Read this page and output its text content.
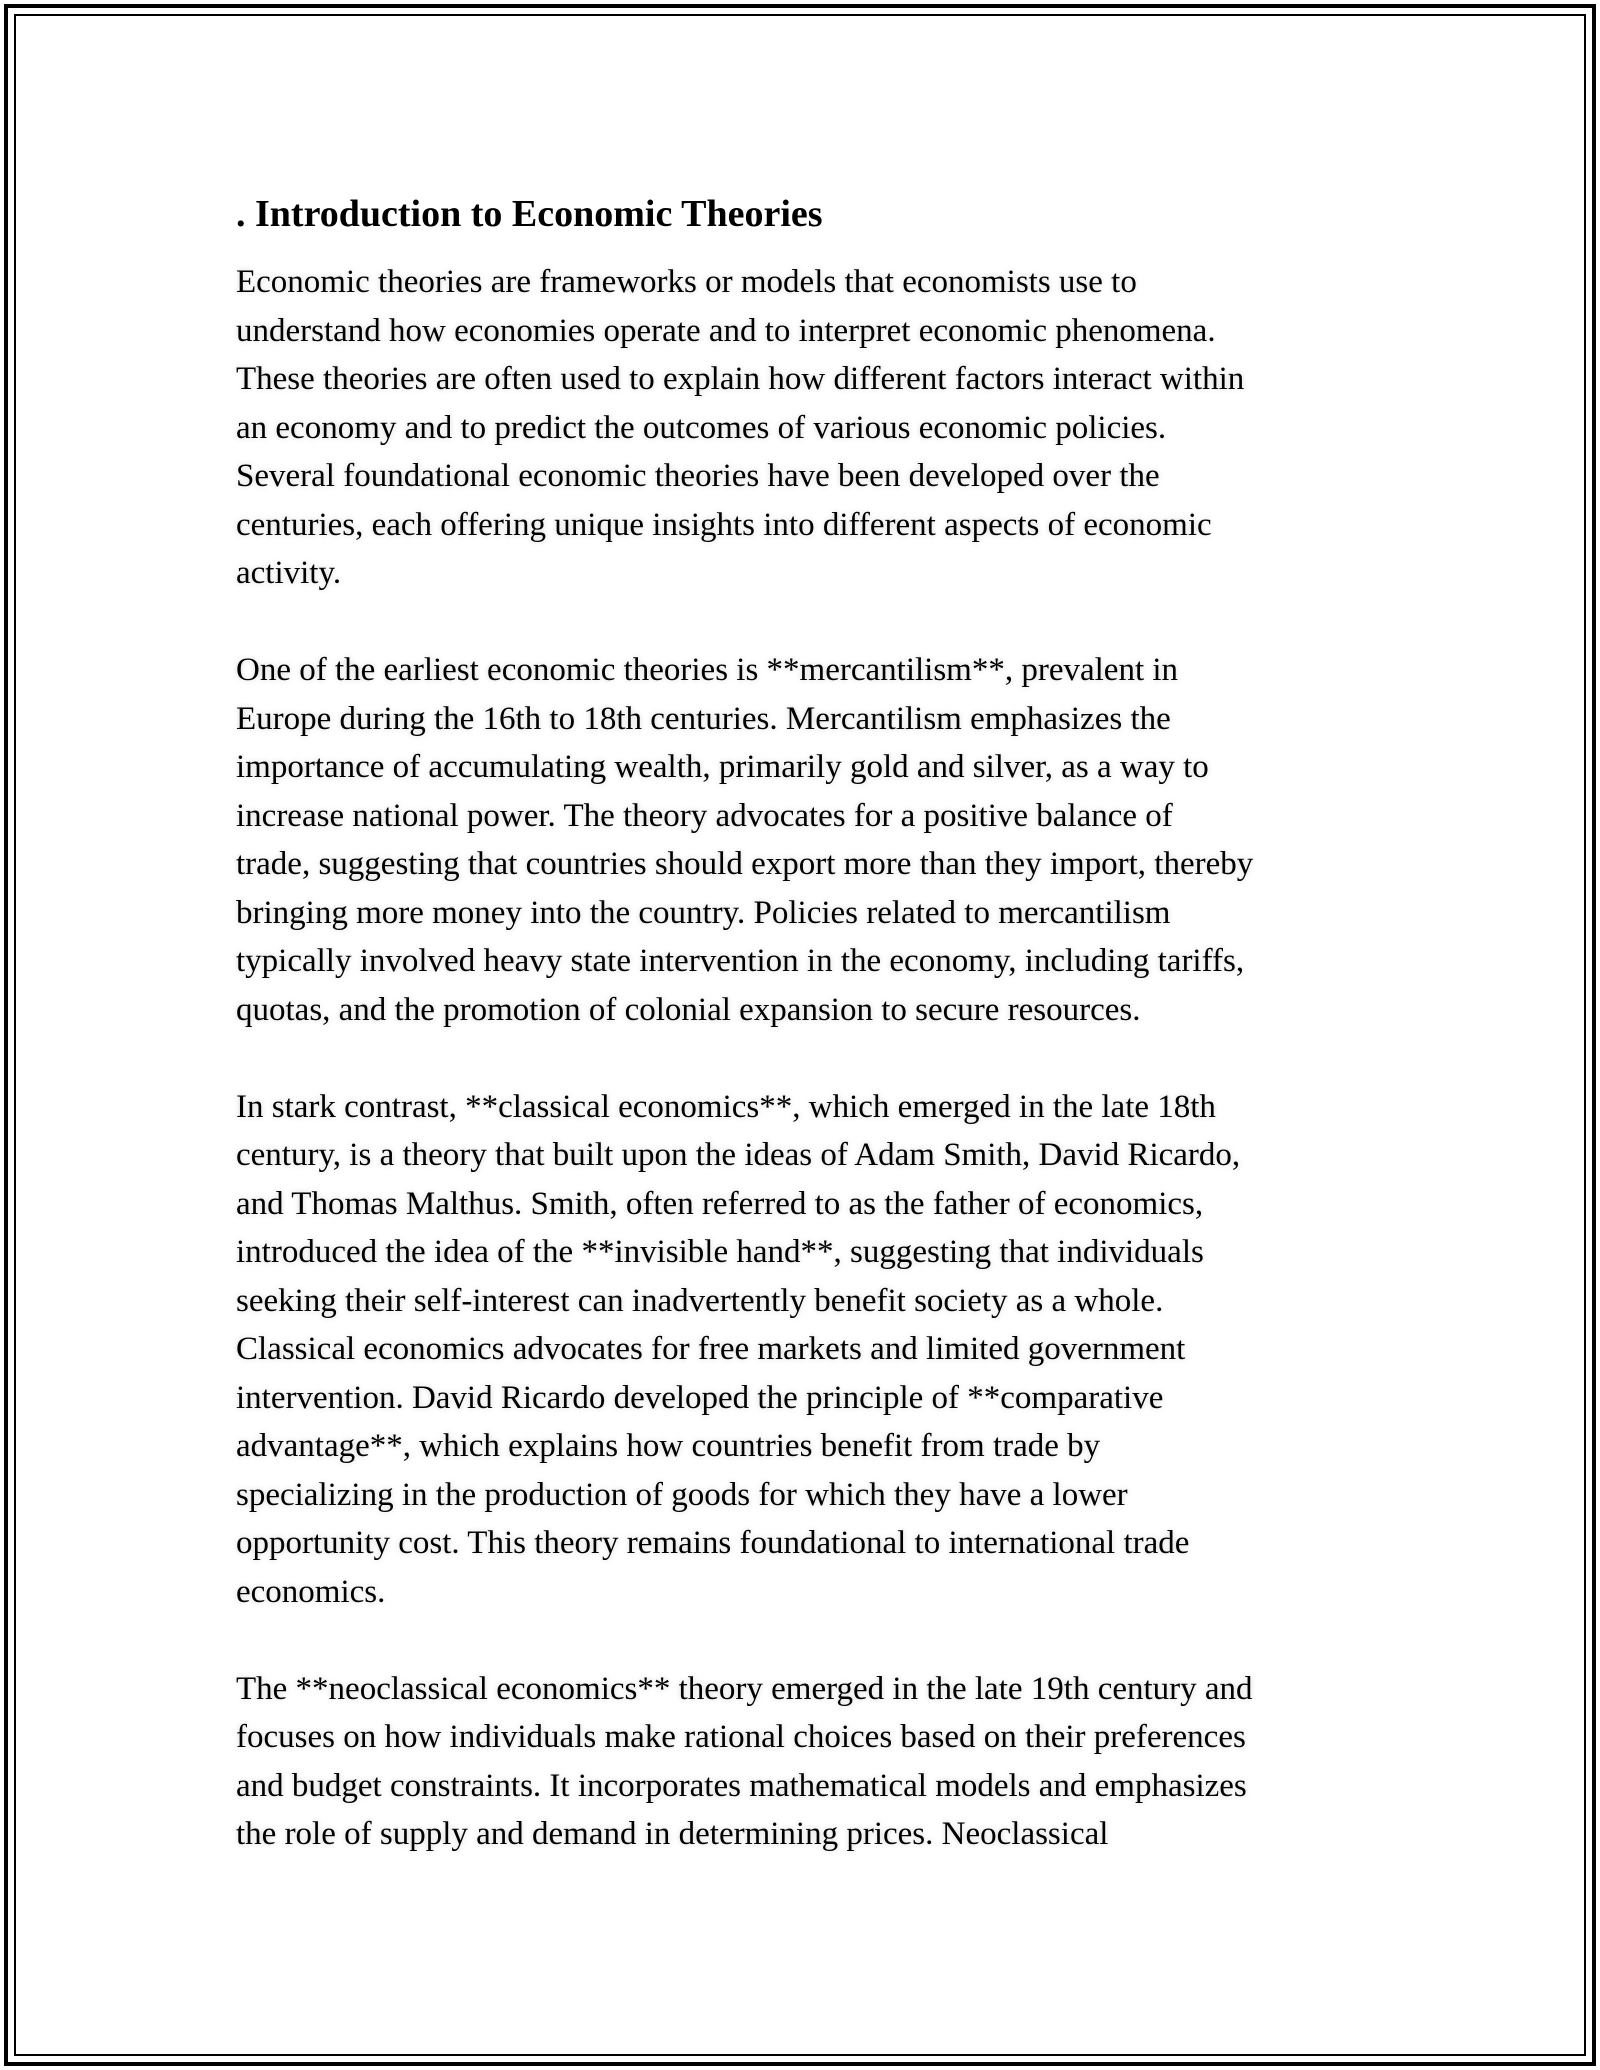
. Introduction to Economic Theories

Economic theories are frameworks or models that economists use to
understand how economies operate and to interpret economic phenomena.
These theories are often used to explain how different factors interact within
an economy and to predict the outcomes of various economic policies.
Several foundational economic theories have been developed over the
centuries, each offering unique insights into different aspects of economic
activity.

One of the earliest economic theories is **mercantilism**, prevalent in
Europe during the 16th to 18th centuries. Mercantilism emphasizes the
importance of accumulating wealth, primarily gold and silver, as a way to
increase national power. The theory advocates for a positive balance of
trade, suggesting that countries should export more than they import, thereby
bringing more money into the country. Policies related to mercantilism
typically involved heavy state intervention in the economy, including tariffs,
quotas, and the promotion of colonial expansion to secure resources.

In stark contrast, **classical economics**, which emerged in the late 18th
century, is a theory that built upon the ideas of Adam Smith, David Ricardo,
and Thomas Malthus. Smith, often referred to as the father of economics,
introduced the idea of the **invisible hand**, suggesting that individuals
seeking their self-interest can inadvertently benefit society as a whole.
Classical economics advocates for free markets and limited government
intervention. David Ricardo developed the principle of **comparative
advantage**, which explains how countries benefit from trade by
specializing in the production of goods for which they have a lower
opportunity cost. This theory remains foundational to international trade
economics.

The **neoclassical economics** theory emerged in the late 19th century and
focuses on how individuals make rational choices based on their preferences
and budget constraints. It incorporates mathematical models and emphasizes
the role of supply and demand in determining prices. Neoclassical
